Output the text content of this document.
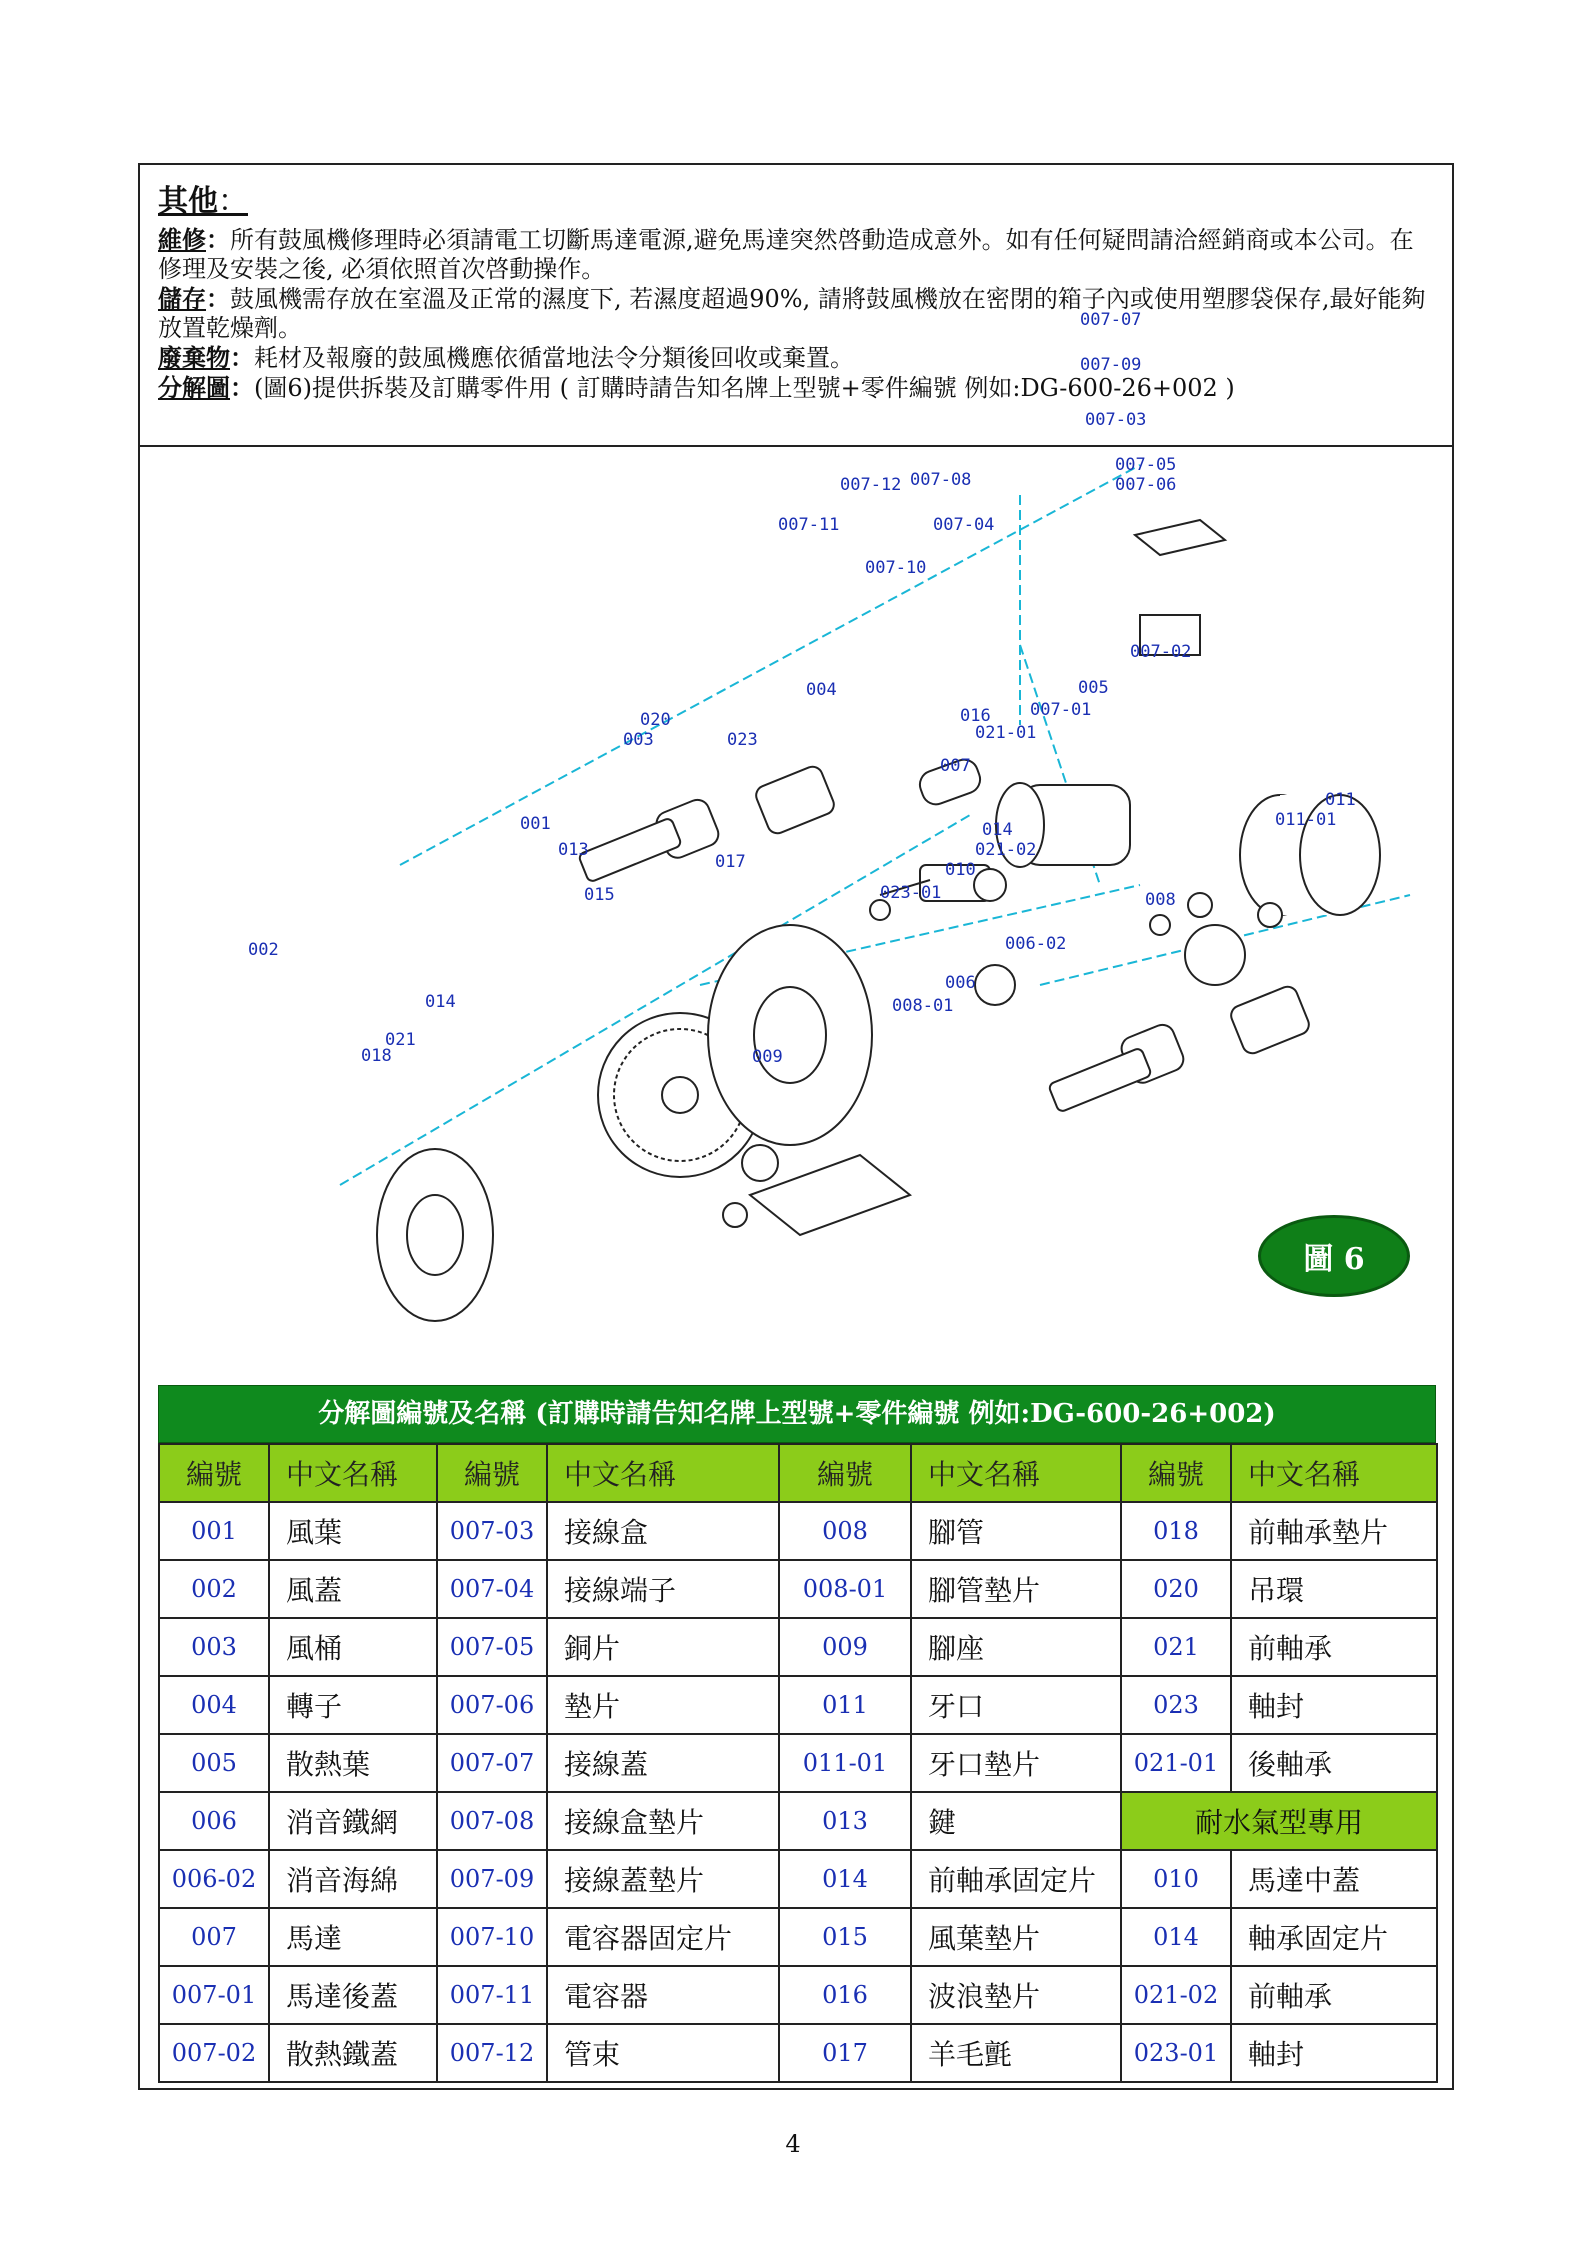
其他：

維修：所有鼓風機修理時必須請電工切斷馬達電源,避免馬達突然啓動造成意外。如有任何疑問請洽經銷商或本公司。在修理及安裝之後, 必須依照首次啓動操作。

儲存：鼓風機需存放在室溫及正常的濕度下, 若濕度超過90%, 請將鼓風機放在密閉的箱子內或使用塑膠袋保存,最好能夠放置乾燥劑。

廢棄物：耗材及報廢的鼓風機應依循當地法令分類後回收或棄置。

分解圖：(圖6)提供拆裝及訂購零件用 ( 訂購時請告知名牌上型號+零件編號 例如:DG-600-26+002 )

007-07
007-09
007-03
007-05
007-06
007-08
007-12
007-11	007-04
007-10
007-02
005
007-01
016
021-01
004
020
003	023
007
001
013
017
015
014
021-02
010
023-01
011
011-01
008
006-02
006
008-01
002
014
021
018	009
圖 6
分解圖編號及名稱 (訂購時請告知名牌上型號+零件編號 例如:DG-600-26+002)
編號	中文名稱	編號	中文名稱	編號	中文名稱	編號	中文名稱
001	風葉	007-03	接線盒	008	腳管	018	前軸承墊片
002	風蓋	007-04	接線端子	008-01	腳管墊片	020	吊環
003	風桶	007-05	銅片	009	腳座	021	前軸承
004	轉子	007-06	墊片	011	牙口	023	軸封
005	散熱葉	007-07	接線蓋	011-01	牙口墊片	021-01	後軸承
006	消音鐵網	007-08	接線盒墊片	013	鍵	耐水氣型專用	
006-02	消音海綿	007-09	接線蓋墊片	014	前軸承固定片	010	馬達中蓋
007	馬達	007-10	電容器固定片	015	風葉墊片	014	軸承固定片
007-01	馬達後蓋	007-11	電容器	016	波浪墊片	021-02	前軸承
007-02	散熱鐵蓋	007-12	管束	017	羊毛氈	023-01	軸封
4
